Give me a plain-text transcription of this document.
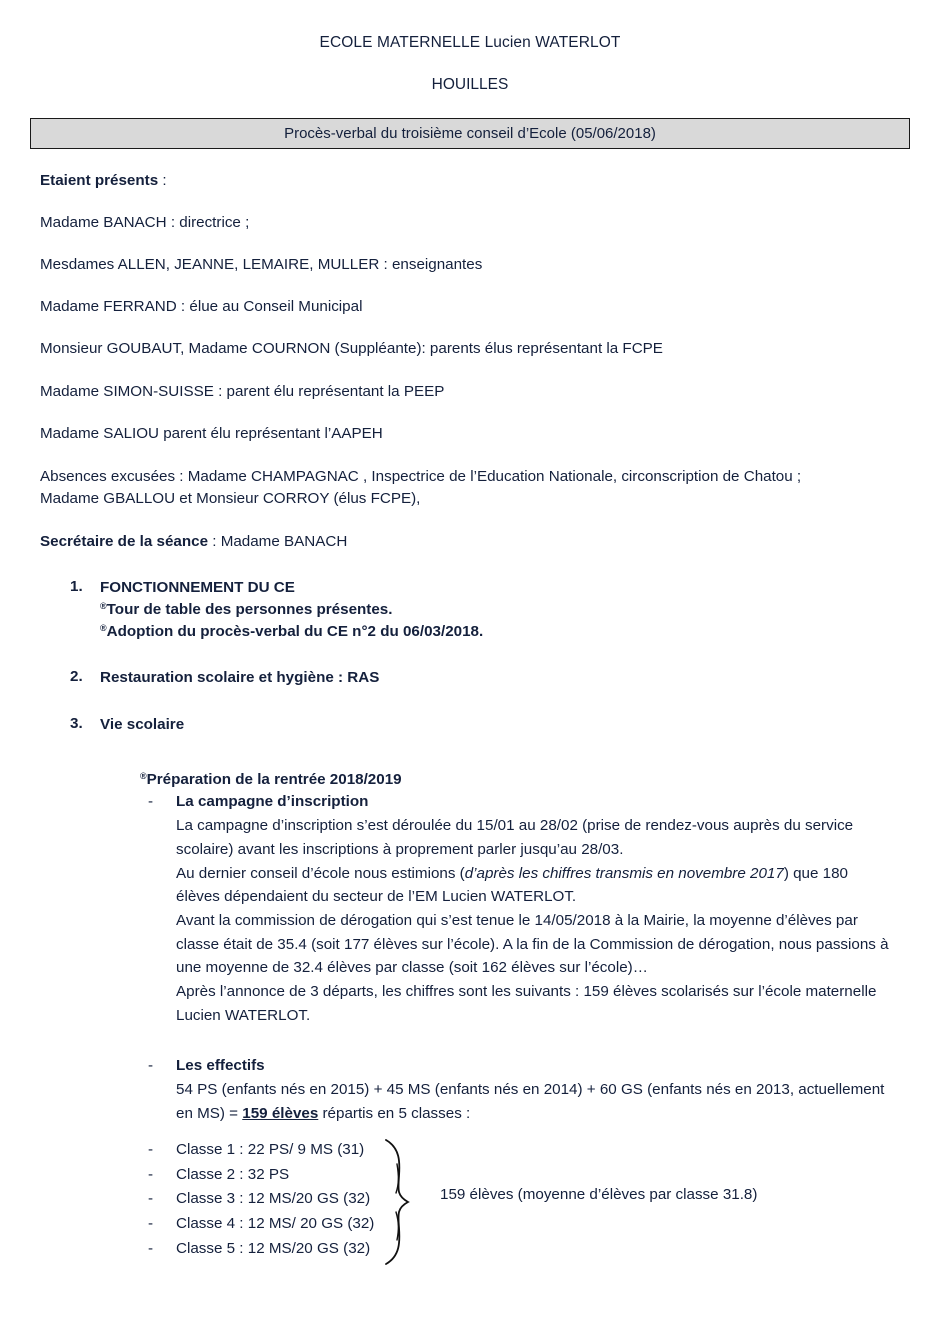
ECOLE MATERNELLE Lucien WATERLOT
HOUILLES
Procès-verbal du troisième conseil d’Ecole (05/06/2018)

Etaient présents :

Madame BANACH : directrice ;

Mesdames ALLEN, JEANNE, LEMAIRE, MULLER : enseignantes

Madame FERRAND : élue au Conseil Municipal

Monsieur GOUBAUT, Madame COURNON (Suppléante): parents élus représentant la FCPE

Madame SIMON-SUISSE : parent élu représentant la PEEP

Madame SALIOU parent élu représentant l’AAPEH

Absences excusées : Madame CHAMPAGNAC , Inspectrice de l’Education Nationale, circonscription de Chatou ;
Madame GBALLOU et Monsieur CORROY (élus FCPE),

Secrétaire de la séance : Madame BANACH

1. FONCTIONNEMENT DU CE
®Tour de table des personnes présentes.
®Adoption du procès-verbal du CE n°2 du 06/03/2018.
2. Restauration scolaire et hygiène : RAS
3. Vie scolaire
®Préparation de la rentrée 2018/2019
- La campagne d’inscription

La campagne d’inscription s’est déroulée du 15/01 au 28/02 (prise de rendez-vous auprès du service scolaire) avant les inscriptions à proprement parler jusqu’au 28/03.

Au dernier conseil d’école nous estimions (d’après les chiffres transmis en novembre 2017) que 180 élèves dépendaient du secteur de l’EM Lucien WATERLOT.

Avant la commission de dérogation qui s’est tenue le 14/05/2018 à la Mairie, la moyenne d’élèves par classe était de 35.4 (soit 177 élèves sur l’école). A la fin de la Commission de dérogation, nous passions à une moyenne de 32.4 élèves par classe (soit 162 élèves sur l’école)…

Après l’annonce de 3 départs, les chiffres sont les suivants : 159 élèves scolarisés sur l’école maternelle Lucien WATERLOT.

- Les effectifs

54 PS (enfants nés en 2015) + 45 MS (enfants nés en 2014) + 60 GS (enfants nés en 2013, actuellement en MS) = 159 élèves répartis en 5 classes :

- Classe 1 : 22 PS/ 9 MS (31)
- Classe 2 : 32 PS
- Classe 3 : 12 MS/20 GS (32)
- Classe 4 : 12 MS/ 20 GS (32)
- Classe 5 : 12 MS/20 GS (32)
159 élèves (moyenne d’élèves par classe 31.8)
